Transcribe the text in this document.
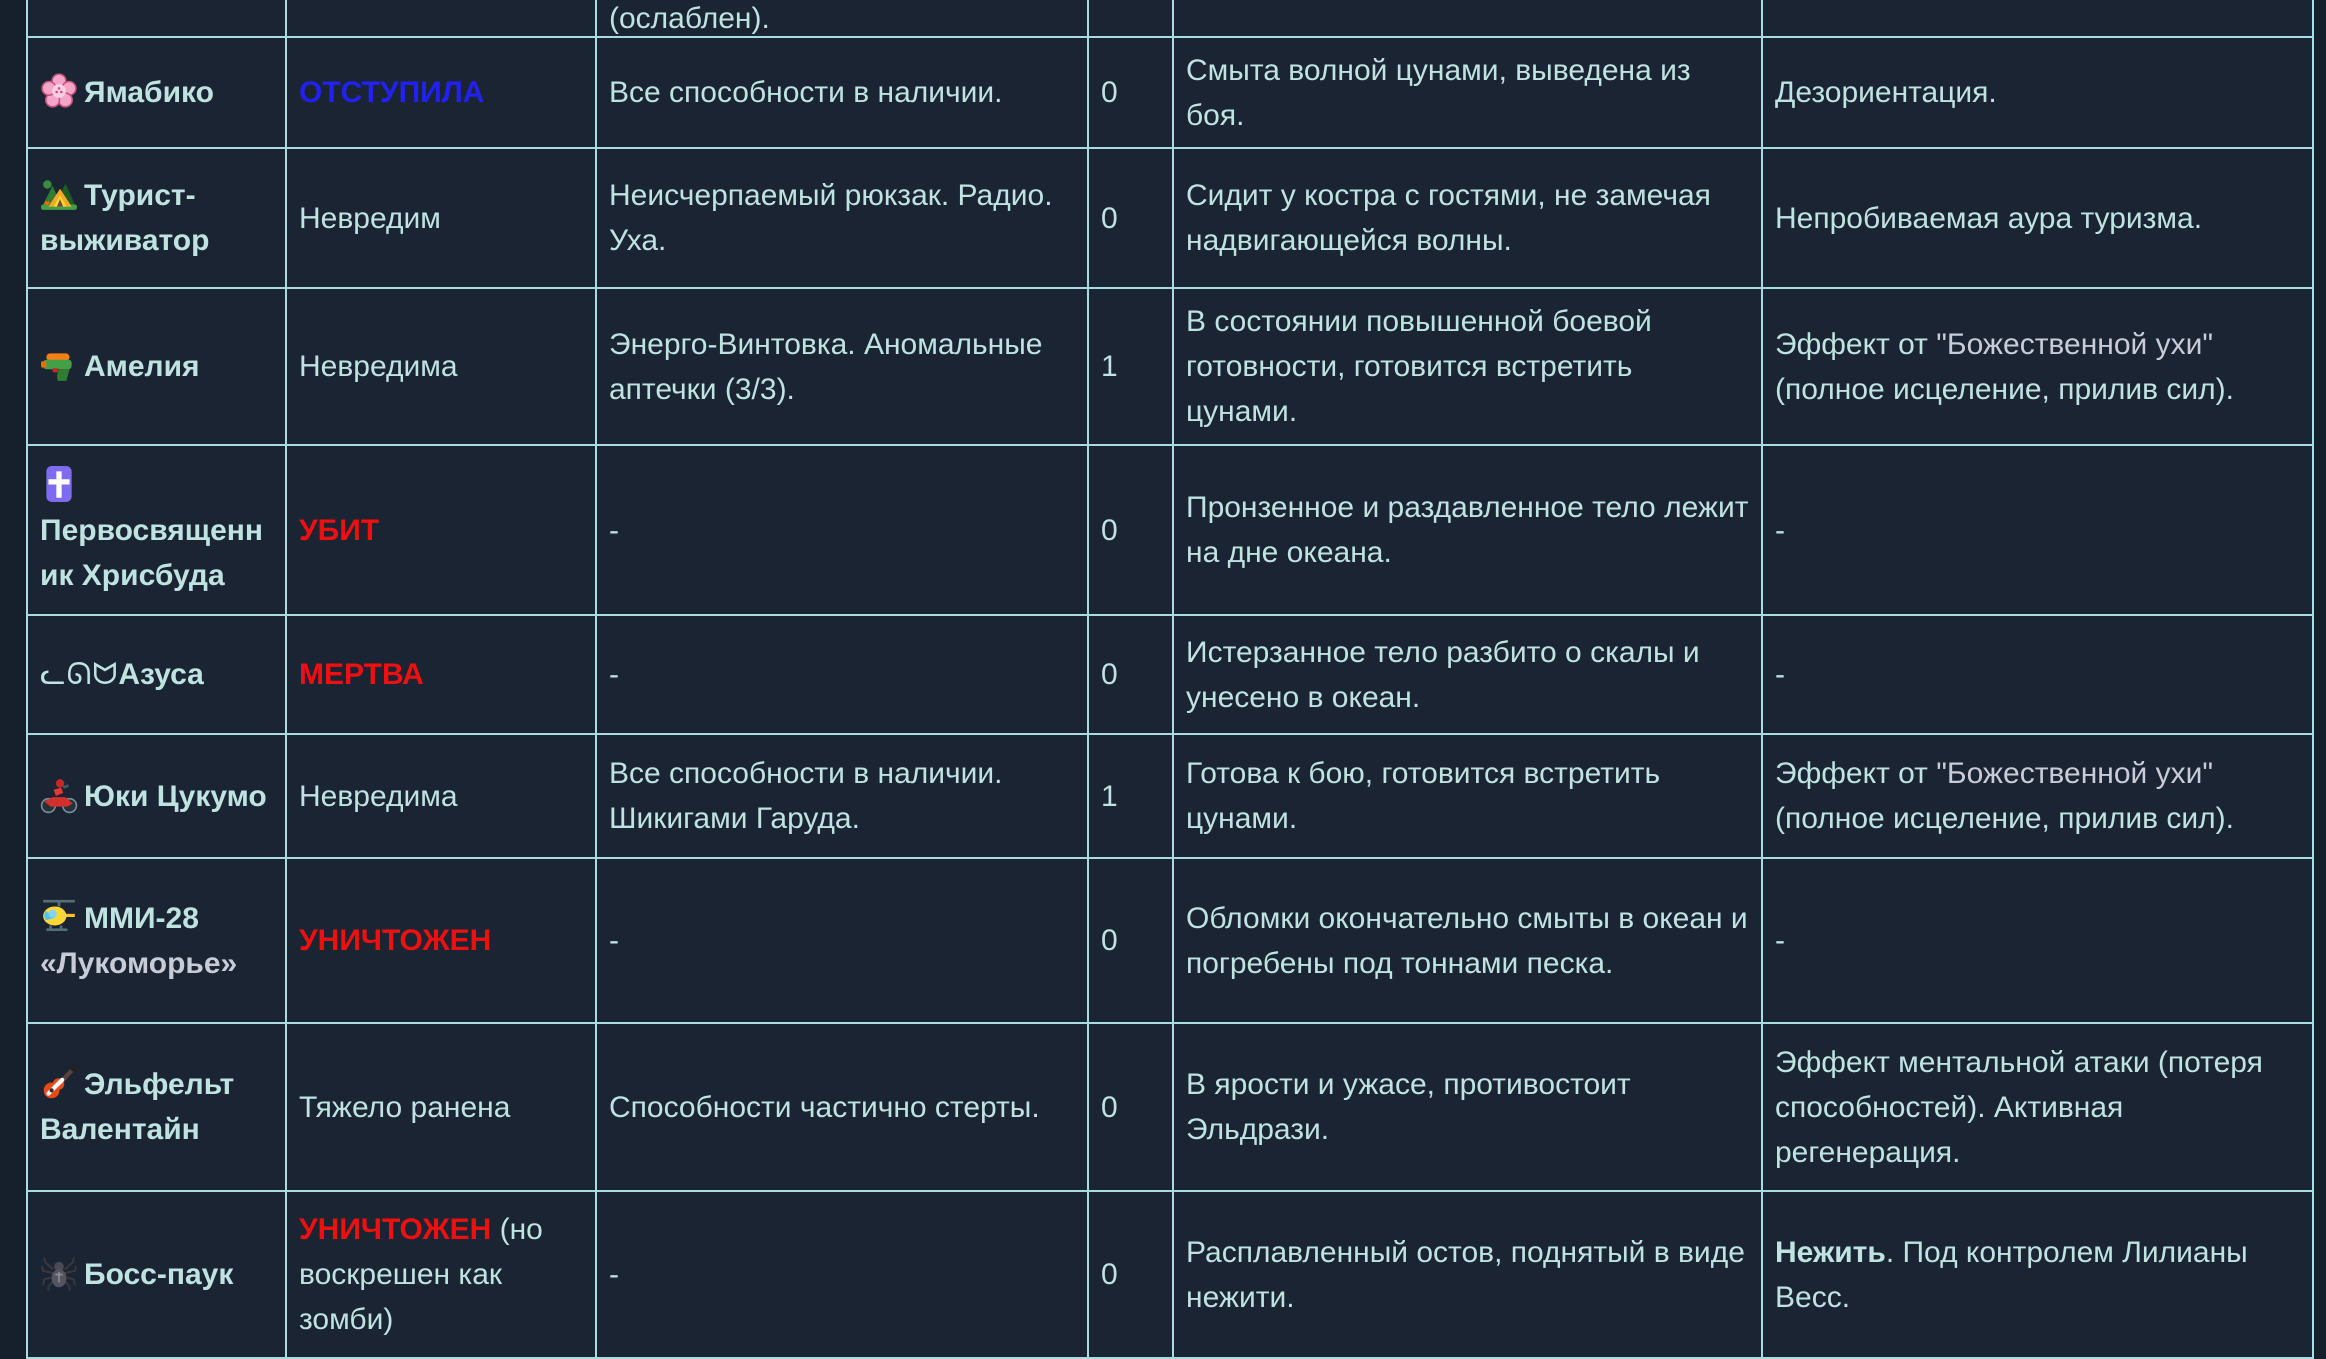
		(ослаблен).			

Ямабико	ОТСТУПИЛА	Все способности в наличии.	0	Смыта волной цунами, выведена из боя.	Дезориентация.

Турист-выживатор	Невредим	Неисчерпаемый рюкзак. Радио. Уха.	0	Сидит у костра с гостями, не замечая надвигающейся волны.	Непробиваемая аура туризма.

Амелия	Невредима	Энерго-Винтовка. Аномальные аптечки (3/3).	1	В состоянии повышенной боевой готовности, готовится встретить цунами.	Эффект от "Божественной ухи" (полное исцеление, прилив сил).

Первосвященник Хрисбуда	УБИТ	-	0	Пронзенное и раздавленное тело лежит на дне океана.	-
ᓚᘏᗢАзуса	МЕРТВА	-	0	Истерзанное тело разбито о скалы и унесено в океан.	-

Юки Цукумо	Невредима	Все способности в наличии. Шикигами Гаруда.	1	Готова к бою, готовится встретить цунами.	Эффект от "Божественной ухи" (полное исцеление, прилив сил).

ММИ-28 «Лукоморье»	УНИЧТОЖЕН	-	0	Обломки окончательно смыты в океан и погребены под тоннами песка.	-

Эльфельт Валентайн	Тяжело ранена	Способности частично стерты.	0	В ярости и ужасе, противостоит Эльдрази.	Эффект ментальной атаки (потеря способностей). Активная регенерация.

Босс-паук	УНИЧТОЖЕН (но воскрешен как зомби)	-	0	Расплавленный остов, поднятый в виде нежити.	Нежить. Под контролем Лилианы Весс.
